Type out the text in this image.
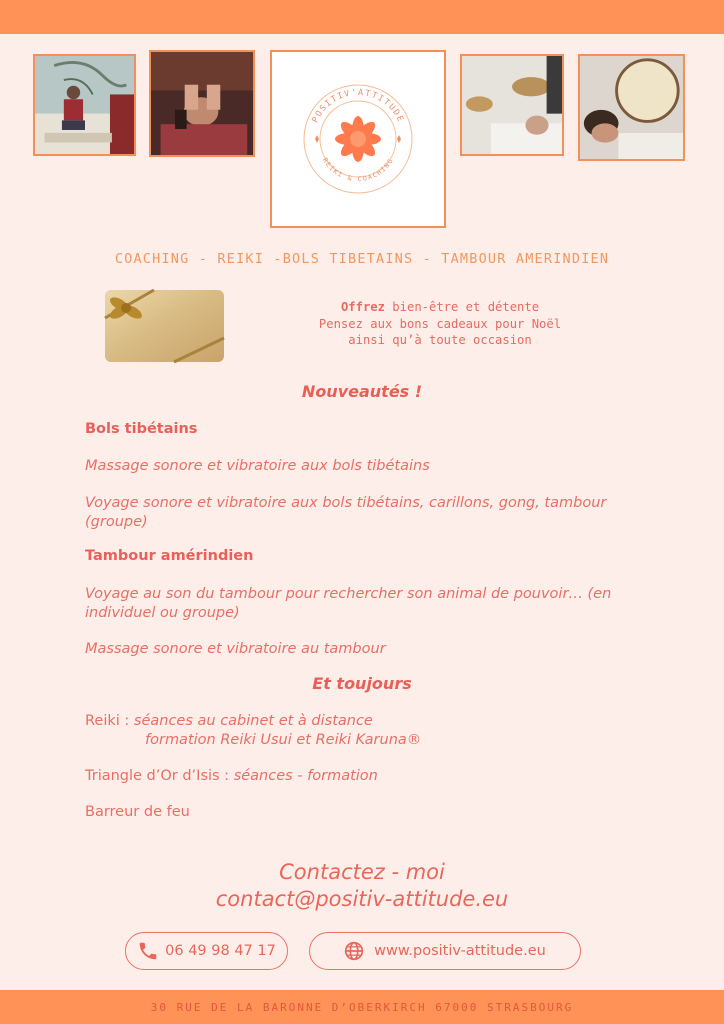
POSITIV'ATTITUDE
REIKI & COACHING
COACHING - REIKI -BOLS TIBETAINS - TAMBOUR AMERINDIEN
Offrez bien-être et détente
Pensez aux bons cadeaux pour Noël
ainsi qu’à toute occasion
Nouveautés !
Bols tibétains
Massage sonore et vibratoire aux bols tibétains
Voyage sonore et vibratoire aux bols tibétains, carillons, gong, tambour (groupe)
Tambour amérindien
Voyage au son du tambour pour rechercher son animal de pouvoir… (en individuel ou groupe)
Massage sonore et vibratoire au tambour
Et toujours
Reiki : séances au cabinet et à distance
formation Reiki Usui et Reiki Karuna®
Triangle d’Or d’Isis : séances - formation
Barreur de feu
Contactez - moi
contact@positiv-attitude.eu
06 49 98 47 17	www.positiv-attitude.eu
30 RUE DE LA BARONNE D’OBERKIRCH 67000 STRASBOURG
